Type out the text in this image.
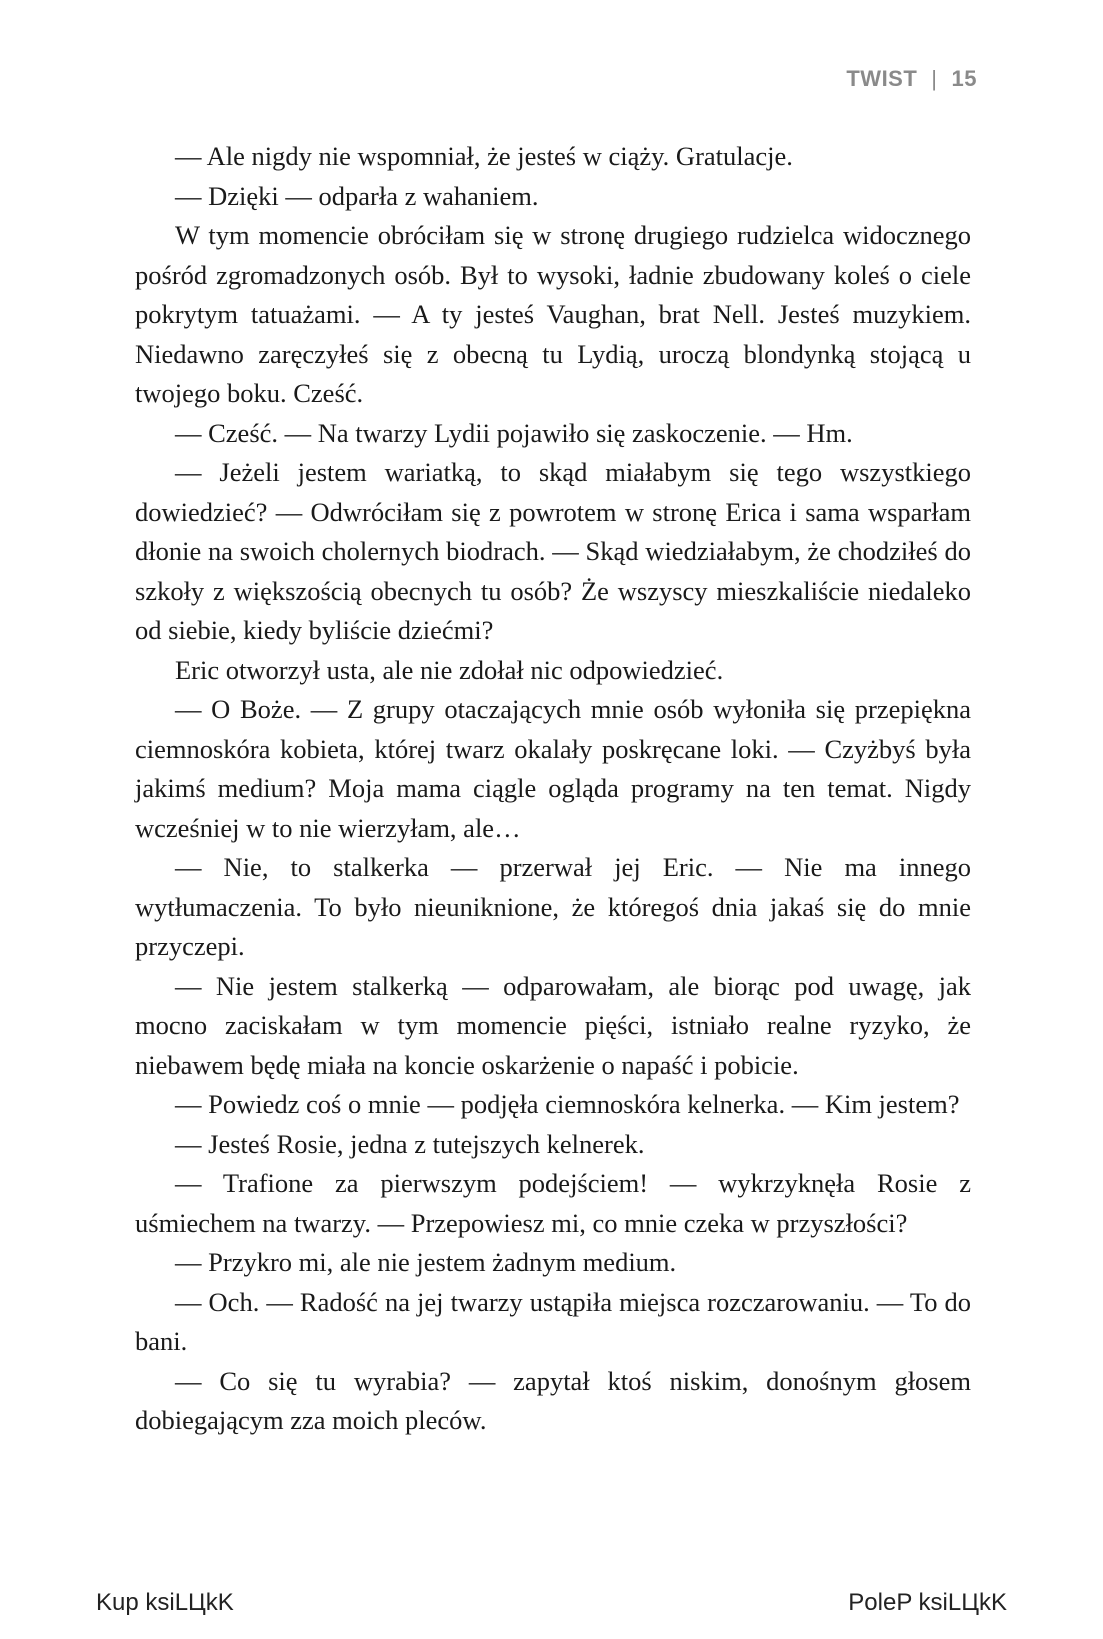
TWIST | 15

— Ale nigdy nie wspomniał, że jesteś w ciąży. Gratulacje.

— Dzięki — odparła z wahaniem.

W tym momencie obróciłam się w stronę drugiego rudzielca widocznego pośród zgromadzonych osób. Był to wysoki, ładnie zbudowany koleś o ciele pokrytym tatuażami. — A ty jesteś Vaughan, brat Nell. Jesteś muzykiem. Niedawno zaręczyłeś się z obecną tu Lydią, uroczą blondynką stojącą u twojego boku. Cześć.

— Cześć. — Na twarzy Lydii pojawiło się zaskoczenie. — Hm.

— Jeżeli jestem wariatką, to skąd miałabym się tego wszystkiego dowiedzieć? — Odwróciłam się z powrotem w stronę Erica i sama wsparłam dłonie na swoich cholernych biodrach. — Skąd wiedziałabym, że chodziłeś do szkoły z większością obecnych tu osób? Że wszyscy mieszkaliście niedaleko od siebie, kiedy byliście dziećmi?

Eric otworzył usta, ale nie zdołał nic odpowiedzieć.

— O Boże. — Z grupy otaczających mnie osób wyłoniła się przepiękna ciemnoskóra kobieta, której twarz okalały poskręcane loki. — Czyżbyś była jakimś medium? Moja mama ciągle ogląda programy na ten temat. Nigdy wcześniej w to nie wierzyłam, ale…

— Nie, to stalkerka — przerwał jej Eric. — Nie ma innego wytłumaczenia. To było nieuniknione, że któregoś dnia jakaś się do mnie przyczepi.

— Nie jestem stalkerką — odparowałam, ale biorąc pod uwagę, jak mocno zaciskałam w tym momencie pięści, istniało realne ryzyko, że niebawem będę miała na koncie oskarżenie o napaść i pobicie.

— Powiedz coś o mnie — podjęła ciemnoskóra kelnerka. — Kim jestem?

— Jesteś Rosie, jedna z tutejszych kelnerek.

— Trafione za pierwszym podejściem! — wykrzyknęła Rosie z uśmiechem na twarzy. — Przepowiesz mi, co mnie czeka w przyszłości?

— Przykro mi, ale nie jestem żadnym medium.

— Och. — Radość na jej twarzy ustąpiła miejsca rozczarowaniu. — To do bani.

— Co się tu wyrabia? — zapytał ktoś niskim, donośnym głosem dobiegającym zza moich pleców.

Kup ksiLЦkK	PoleP ksiLЦkK
